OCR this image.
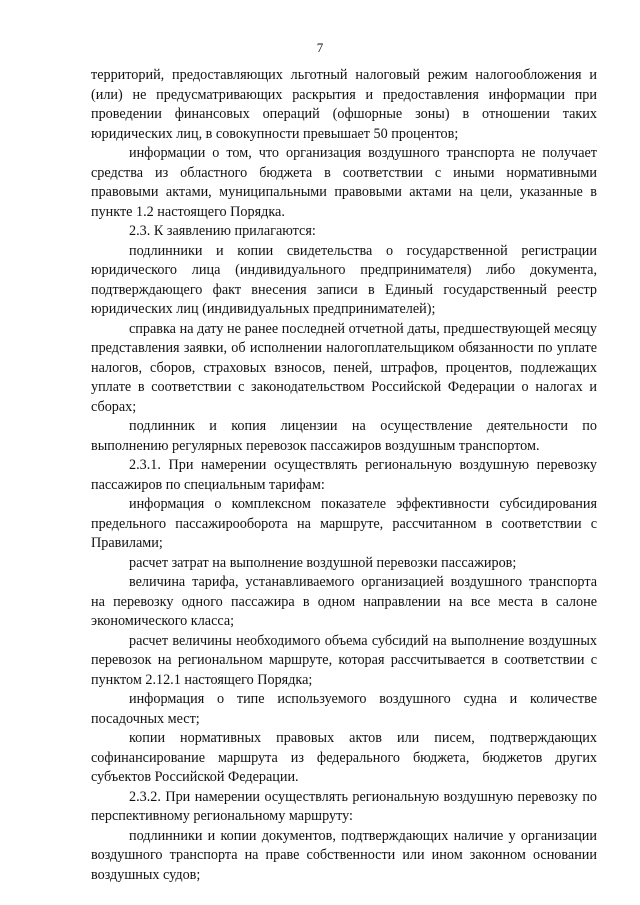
7

территорий, предоставляющих льготный налоговый режим налогообложения и (или) не предусматривающих раскрытия и предоставления информации при проведении финансовых операций (офшорные зоны) в отношении таких юридических лиц, в совокупности превышает 50 процентов;

информации о том, что организация воздушного транспорта не получает средства из областного бюджета в соответствии с иными нормативными правовыми актами, муниципальными правовыми актами на цели, указанные в пункте 1.2 настоящего Порядка.

2.3. К заявлению прилагаются:

подлинники и копии свидетельства о государственной регистрации юридического лица (индивидуального предпринимателя) либо документа, подтверждающего факт внесения записи в Единый государственный реестр юридических лиц (индивидуальных предпринимателей);

справка на дату не ранее последней отчетной даты, предшествующей месяцу представления заявки, об исполнении налогоплательщиком обязанности по уплате налогов, сборов, страховых взносов, пеней, штрафов, процентов, подлежащих уплате в соответствии с законодательством Российской Федерации о налогах и сборах;

подлинник и копия лицензии на осуществление деятельности по выполнению регулярных перевозок пассажиров воздушным транспортом.

2.3.1. При намерении осуществлять региональную воздушную перевозку пассажиров по специальным тарифам:

информация о комплексном показателе эффективности субсидирования предельного пассажирооборота на маршруте, рассчитанном в соответствии с Правилами;

расчет затрат на выполнение воздушной перевозки пассажиров;

величина тарифа, устанавливаемого организацией воздушного транспорта на перевозку одного пассажира в одном направлении на все места в салоне экономического класса;

расчет величины необходимого объема субсидий на выполнение воздушных перевозок на региональном маршруте, которая рассчитывается в соответствии с пунктом 2.12.1 настоящего Порядка;

информация о типе используемого воздушного судна и количестве посадочных мест;

копии нормативных правовых актов или писем, подтверждающих софинансирование маршрута из федерального бюджета, бюджетов других субъектов Российской Федерации.

2.3.2. При намерении осуществлять региональную воздушную перевозку по перспективному региональному маршруту:

подлинники и копии документов, подтверждающих наличие у организации воздушного транспорта на праве собственности или ином законном основании воздушных судов;
